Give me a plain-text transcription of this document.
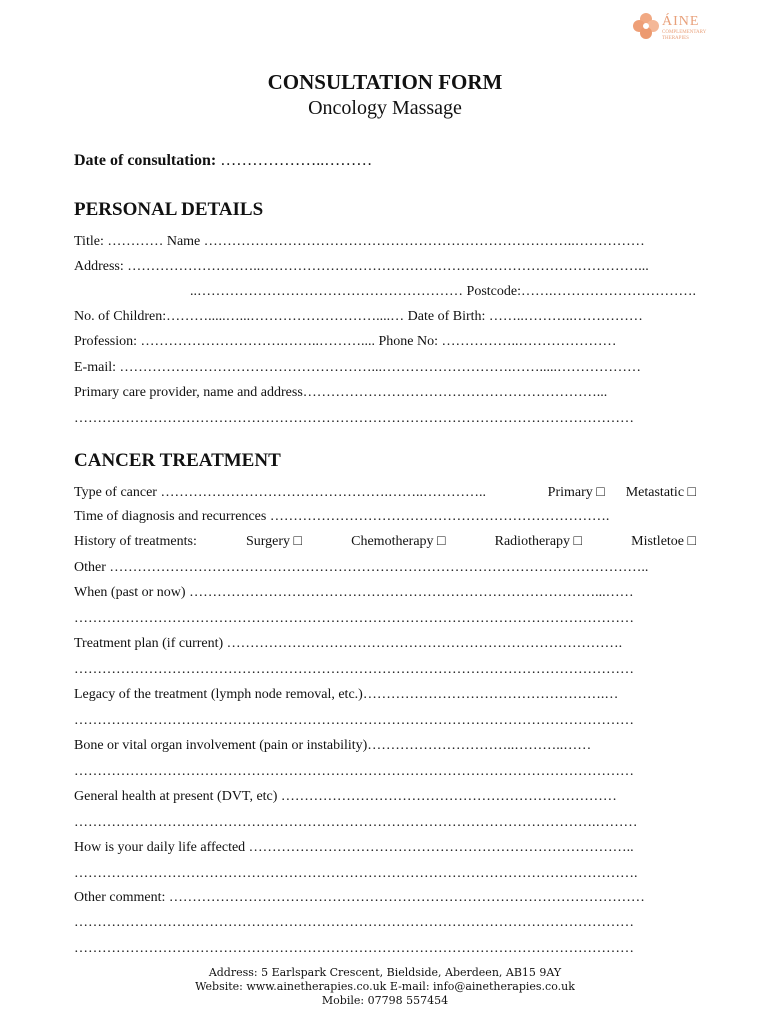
ÁINE
COMPLEMENTARY THERAPIES
CONSULTATION FORM
Oncology Massage
Date of consultation: ………………..………
PERSONAL DETAILS
Title: ………… Name ……………………………………………………………………..……………
Address: ………………………..………………………………………………………………………...
..………………………………………………… Postcode:…….………………………….
No. of Children:……….....…...………………………....… Date of Birth: ……..………..……………
Profession: ………………………….……..……….... Phone No: ……………..…………………
E-mail: ………………………………………………...……………………….…….....………………
Primary care provider, name and address………………………………………………………...
…………………………………………………………………………………………………………
CANCER TREATMENT
Type of cancer ………………………………………….……..…………..	Primary □ Metastatic □
Time of diagnosis and recurrences ……………………………………………………………….
History of treatments:	Surgery □	Chemotherapy □	Radiotherapy □	Mistletoe □
Other ……………………………………………………………………………………………………..
When (past or now) ……………………………………………………………………………...……
…………………………………………………………………………………………………………
Treatment plan (if current) ………………………………………………………………………….
…………………………………………………………………………………………………………
Legacy of the treatment (lymph node removal, etc.)…………………………………………….…
…………………………………………………………………………………………………………
Bone or vital organ involvement (pain or instability)…………………………..………..……
…………………………………………………………………………………………………………
General health at present (DVT, etc) ………………………………………………………………
………………………………………………………………………………………………….………
How is your daily life affected ………………………………………………………………………..
………………………………………………………………………………………………………….
Other comment: …………………………………………………………………………………………
…………………………………………………………………………………………………………
…………………………………………………………………………………………………………
Address: 5 Earlspark Crescent, Bieldside, Aberdeen, AB15 9AY
Website: www.ainetherapies.co.uk E-mail: info@ainetherapies.co.uk
Mobile: 07798 557454
